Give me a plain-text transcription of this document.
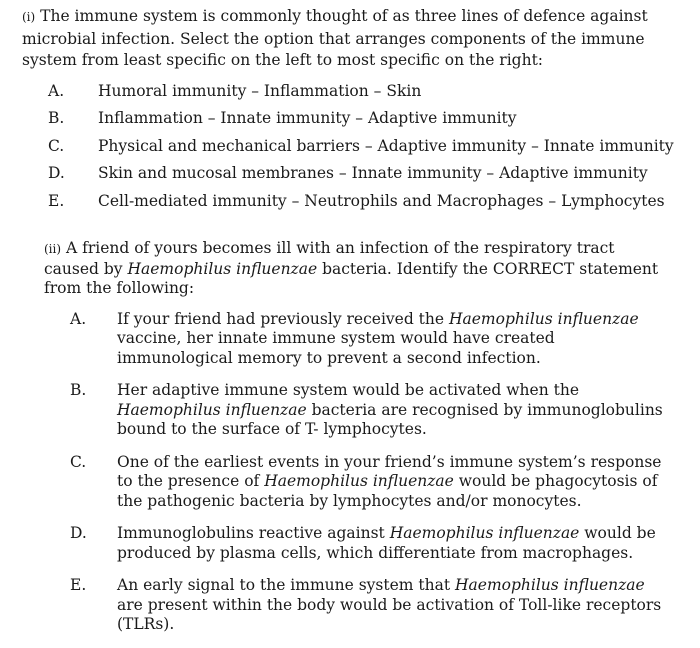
(i) The immune system is commonly thought of as three lines of defence against microbial infection. Select the option that arranges components of the immune system from least specific on the left to most specific on the right:

A.	Humoral immunity – Inflammation – Skin
B.	Inflammation – Innate immunity – Adaptive immunity
C.	Physical and mechanical barriers – Adaptive immunity – Innate immunity
D.	Skin and mucosal membranes – Innate immunity – Adaptive immunity
E.	Cell-mediated immunity – Neutrophils and Macrophages – Lymphocytes

(ii) A friend of yours becomes ill with an infection of the respiratory tract caused by Haemophilus influenzae bacteria. Identify the CORRECT statement from the following:

A.	If your friend had previously received the Haemophilus influenzae vaccine, her innate immune system would have created immunological memory to prevent a second infection.
B.	Her adaptive immune system would be activated when the Haemophilus influenzae bacteria are recognised by immunoglobulins bound to the surface of T- lymphocytes.
C.	One of the earliest events in your friend’s immune system’s response to the presence of Haemophilus influenzae would be phagocytosis of the pathogenic bacteria by lymphocytes and/or monocytes.
D.	Immunoglobulins reactive against Haemophilus influenzae would be produced by plasma cells, which differentiate from macrophages.
E.	An early signal to the immune system that Haemophilus influenzae are present within the body would be activation of Toll-like receptors (TLRs).
